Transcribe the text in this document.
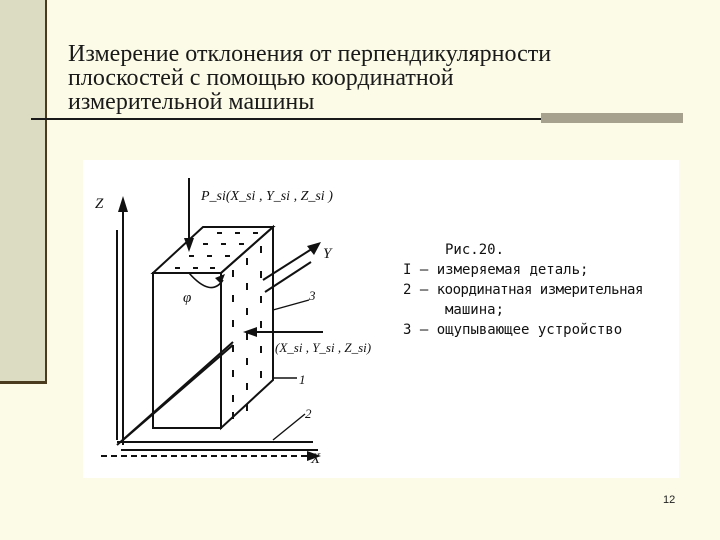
Измерение отклонения от перпендикулярности
плоскостей с помощью координатной
измерительной машины
Z
Y
X
P_si(X_si , Y_si , Z_si )
(X_si , Y_si , Z_si)
φ
1
2
3
Рис.20.
I – измеряемая деталь;
2 – координатная измерительная
машина;
3 – ощупывающее устройство
12
